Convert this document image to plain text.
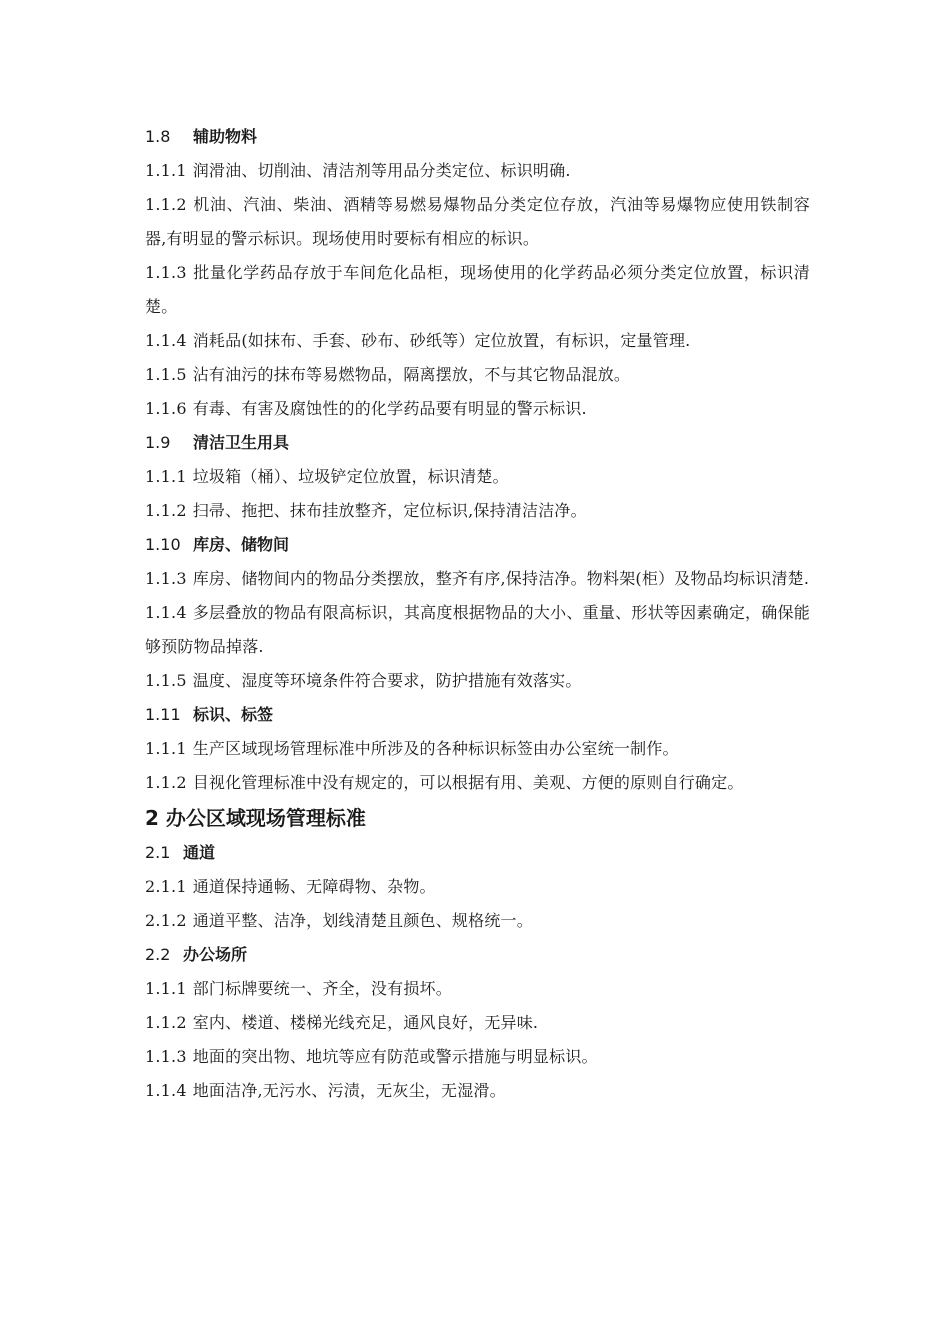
1.8 辅助物料
1.1.1 润滑油、切削油、清洁剂等用品分类定位、标识明确.
1.1.2 机油、汽油、柴油、酒精等易燃易爆物品分类定位存放，汽油等易爆物应使用铁制容器,有明显的警示标识。现场使用时要标有相应的标识。
1.1.3 批量化学药品存放于车间危化品柜，现场使用的化学药品必须分类定位放置，标识清楚。
1.1.4 消耗品(如抹布、手套、砂布、砂纸等）定位放置，有标识，定量管理.
1.1.5 沾有油污的抹布等易燃物品，隔离摆放，不与其它物品混放。
1.1.6 有毒、有害及腐蚀性的的化学药品要有明显的警示标识.
1.9 清洁卫生用具
1.1.1 垃圾箱（桶）、垃圾铲定位放置，标识清楚。
1.1.2 扫帚、拖把、抹布挂放整齐，定位标识,保持清洁洁净。
1.10 库房、储物间
1.1.3 库房、储物间内的物品分类摆放，整齐有序,保持洁净。物料架(柜）及物品均标识清楚.
1.1.4 多层叠放的物品有限高标识，其高度根据物品的大小、重量、形状等因素确定，确保能够预防物品掉落.
1.1.5 温度、湿度等环境条件符合要求，防护措施有效落实。
1.11 标识、标签
1.1.1 生产区域现场管理标准中所涉及的各种标识标签由办公室统一制作。
1.1.2 目视化管理标准中没有规定的，可以根据有用、美观、方便的原则自行确定。
2 办公区域现场管理标准
2.1 通道
2.1.1 通道保持通畅、无障碍物、杂物。
2.1.2 通道平整、洁净，划线清楚且颜色、规格统一。
2.2 办公场所
1.1.1 部门标牌要统一、齐全，没有损坏。
1.1.2 室内、楼道、楼梯光线充足，通风良好，无异味.
1.1.3 地面的突出物、地坑等应有防范或警示措施与明显标识。
1.1.4 地面洁净,无污水、污渍，无灰尘，无湿滑。
